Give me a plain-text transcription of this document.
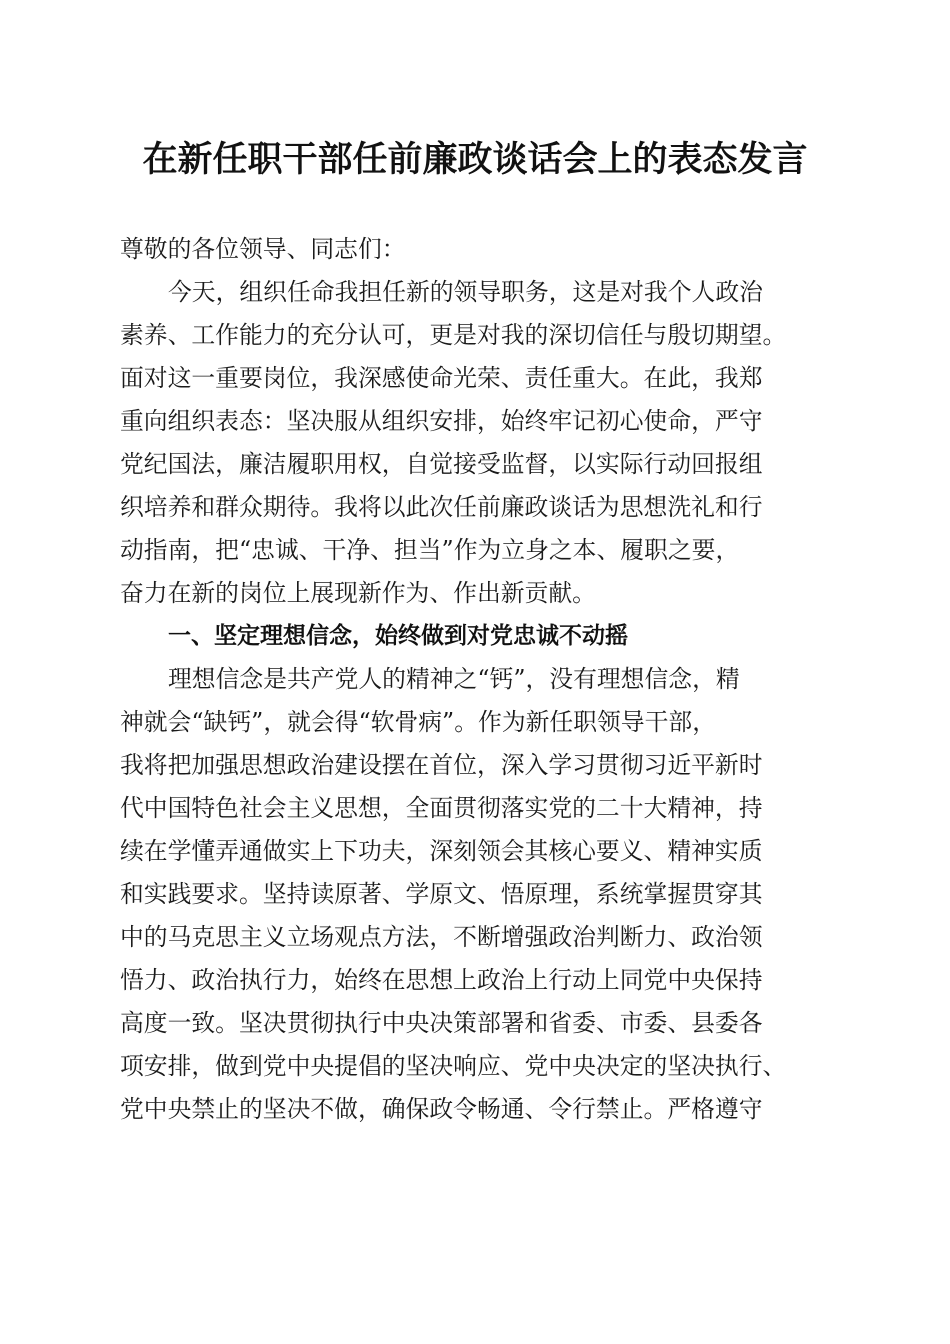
在新任职干部任前廉政谈话会上的表态发言
尊敬的各位领导、同志们：
今天，组织任命我担任新的领导职务，这是对我个人政治
素养、工作能力的充分认可，更是对我的深切信任与殷切期望。
面对这一重要岗位，我深感使命光荣、责任重大。在此，我郑
重向组织表态：坚决服从组织安排，始终牢记初心使命，严守
党纪国法，廉洁履职用权，自觉接受监督，以实际行动回报组
织培养和群众期待。我将以此次任前廉政谈话为思想洗礼和行
动指南，把“忠诚、干净、担当”作为立身之本、履职之要，
奋力在新的岗位上展现新作为、作出新贡献。
一、坚定理想信念，始终做到对党忠诚不动摇
理想信念是共产党人的精神之“钙”，没有理想信念，精
神就会“缺钙”，就会得“软骨病”。作为新任职领导干部，
我将把加强思想政治建设摆在首位，深入学习贯彻习近平新时
代中国特色社会主义思想，全面贯彻落实党的二十大精神，持
续在学懂弄通做实上下功夫，深刻领会其核心要义、精神实质
和实践要求。坚持读原著、学原文、悟原理，系统掌握贯穿其
中的马克思主义立场观点方法，不断增强政治判断力、政治领
悟力、政治执行力，始终在思想上政治上行动上同党中央保持
高度一致。坚决贯彻执行中央决策部署和省委、市委、县委各
项安排，做到党中央提倡的坚决响应、党中央决定的坚决执行、
党中央禁止的坚决不做，确保政令畅通、令行禁止。严格遵守
